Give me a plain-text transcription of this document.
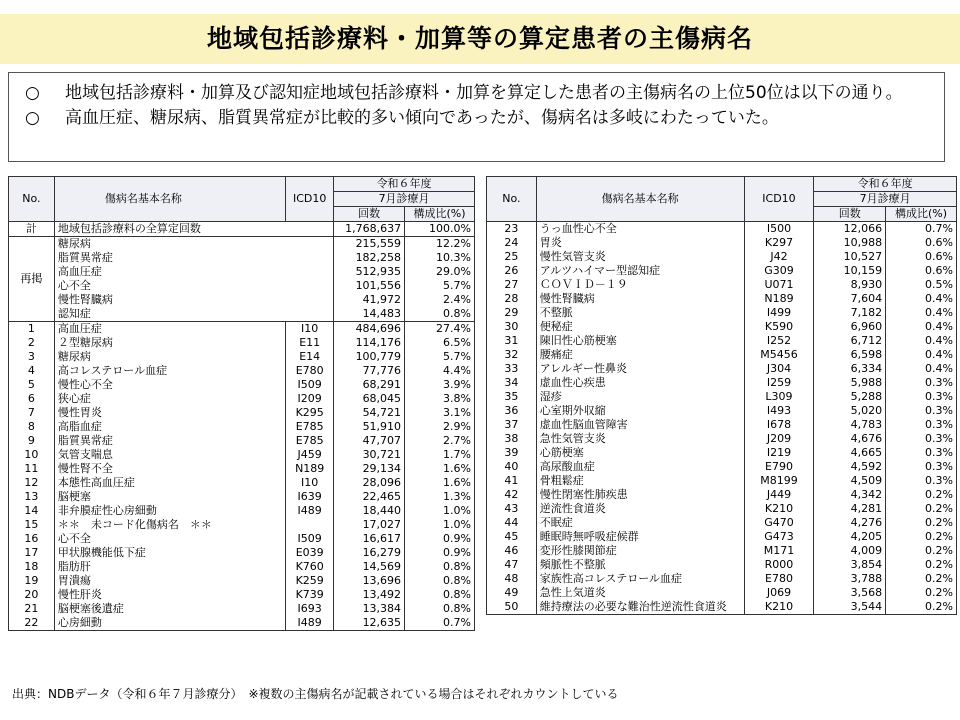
地域包括診療料・加算等の算定患者の主傷病名
○	地域包括診療料・加算及び認知症地域包括診療料・加算を算定した患者の主傷病名の上位50位は以下の通り。
○	高血圧症、糖尿病、脂質異常症が比較的多い傾向であったが、傷病名は多岐にわたっていた。
No.	傷病名基本名称	ICD10	令和６年度	
			7月診療月	
			回数	構成比(%)
計	地域包括診療料の全算定回数		1,768,637	100.0%
再掲	糖尿病		215,559	12.2%
	脂質異常症		182,258	10.3%
	高血圧症		512,935	29.0%
	心不全		101,556	5.7%
	慢性腎臓病		41,972	2.4%
	認知症		14,483	0.8%
1	高血圧症	I10	484,696	27.4%
2	２型糖尿病	E11	114,176	6.5%
3	糖尿病	E14	100,779	5.7%
4	高コレステロール血症	E780	77,776	4.4%
5	慢性心不全	I509	68,291	3.9%
6	狭心症	I209	68,045	3.8%
7	慢性胃炎	K295	54,721	3.1%
8	高脂血症	E785	51,910	2.9%
9	脂質異常症	E785	47,707	2.7%
10	気管支喘息	J459	30,721	1.7%
11	慢性腎不全	N189	29,134	1.6%
12	本態性高血圧症	I10	28,096	1.6%
13	脳梗塞	I639	22,465	1.3%
14	非弁膜症性心房細動	I489	18,440	1.0%
15	＊＊　未コード化傷病名　＊＊		17,027	1.0%
16	心不全	I509	16,617	0.9%
17	甲状腺機能低下症	E039	16,279	0.9%
18	脂肪肝	K760	14,569	0.8%
19	胃潰瘍	K259	13,696	0.8%
20	慢性肝炎	K739	13,492	0.8%
21	脳梗塞後遺症	I693	13,384	0.8%
22	心房細動	I489	12,635	0.7%
No.	傷病名基本名称	ICD10	令和６年度	
			7月診療月	
			回数	構成比(%)
23	うっ血性心不全	I500	12,066	0.7%
24	胃炎	K297	10,988	0.6%
25	慢性気管支炎	J42	10,527	0.6%
26	アルツハイマー型認知症	G309	10,159	0.6%
27	ＣＯＶＩＤ－１９	U071	8,930	0.5%
28	慢性腎臓病	N189	7,604	0.4%
29	不整脈	I499	7,182	0.4%
30	便秘症	K590	6,960	0.4%
31	陳旧性心筋梗塞	I252	6,712	0.4%
32	腰痛症	M5456	6,598	0.4%
33	アレルギー性鼻炎	J304	6,334	0.4%
34	虚血性心疾患	I259	5,988	0.3%
35	湿疹	L309	5,288	0.3%
36	心室期外収縮	I493	5,020	0.3%
37	虚血性脳血管障害	I678	4,783	0.3%
38	急性気管支炎	J209	4,676	0.3%
39	心筋梗塞	I219	4,665	0.3%
40	高尿酸血症	E790	4,592	0.3%
41	骨粗鬆症	M8199	4,509	0.3%
42	慢性閉塞性肺疾患	J449	4,342	0.2%
43	逆流性食道炎	K210	4,281	0.2%
44	不眠症	G470	4,276	0.2%
45	睡眠時無呼吸症候群	G473	4,205	0.2%
46	変形性膝関節症	M171	4,009	0.2%
47	頻脈性不整脈	R000	3,854	0.2%
48	家族性高コレステロール血症	E780	3,788	0.2%
49	急性上気道炎	J069	3,568	0.2%
50	維持療法の必要な難治性逆流性食道炎	K210	3,544	0.2%
出典：NDBデータ（令和６年７月診療分）　※複数の主傷病名が記載されている場合はそれぞれカウントしている
